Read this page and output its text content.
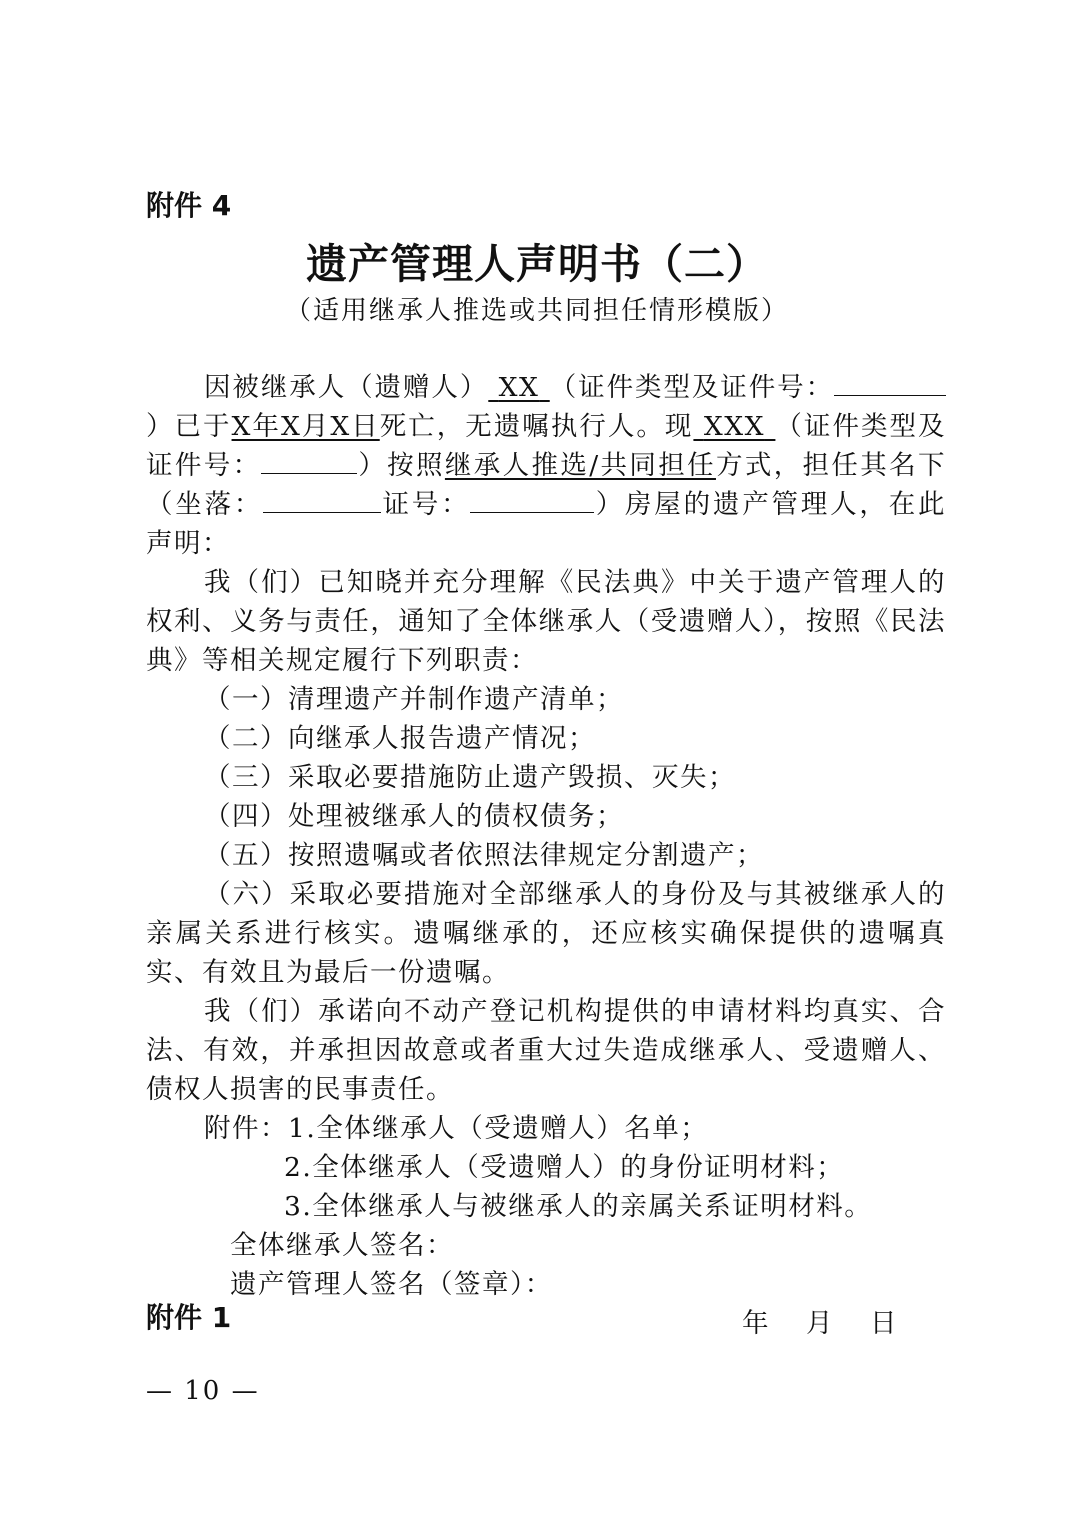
附件 4

遗产管理人声明书（二）

（适用继承人推选或共同担任情形模版）

因被继承人（遗赠人） XX （证件类型及证件号：）已于X年X月X日死亡，无遗嘱执行人。现 XXX （证件类型及证件号：	）按照继承人推选/共同担任方式，担任其名下（坐落：	证号：	）房屋的遗产管理人，在此声明：

我（们）已知晓并充分理解《民法典》中关于遗产管理人的权利、义务与责任，通知了全体继承人（受遗赠人），按照《民法典》等相关规定履行下列职责：

（一）清理遗产并制作遗产清单；

（二）向继承人报告遗产情况；

（三）采取必要措施防止遗产毁损、灭失；

（四）处理被继承人的债权债务；

（五）按照遗嘱或者依照法律规定分割遗产；

（六）采取必要措施对全部继承人的身份及与其被继承人的亲属关系进行核实。遗嘱继承的，还应核实确保提供的遗嘱真实、有效且为最后一份遗嘱。

我（们）承诺向不动产登记机构提供的申请材料均真实、合法、有效，并承担因故意或者重大过失造成继承人、受遗赠人、债权人损害的民事责任。

附件：1.全体继承人（受遗赠人）名单；

2.全体继承人（受遗赠人）的身份证明材料；

3.全体继承人与被继承人的亲属关系证明材料。

全体继承人签名：

遗产管理人签名（签章）：

年 月 日

附件 1

— 10 —
